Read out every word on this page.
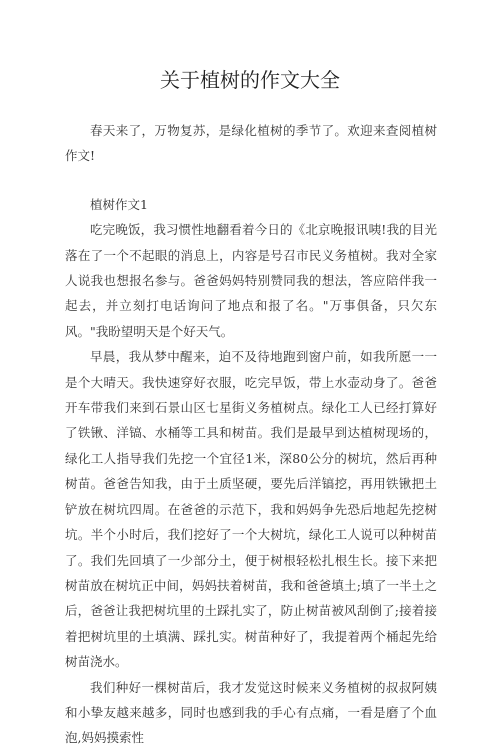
关于植树的作文大全

春天来了，万物复苏，是绿化植树的季节了。欢迎来查阅植树作文!

植树作文1

吃完晚饭，我习惯性地翻看着今日的《北京晚报讯咦!我的目光落在了一个不起眼的消息上，内容是号召市民义务植树。我对全家人说我也想报名参与。爸爸妈妈特别赞同我的想法，答应陪伴我一起去，并立刻打电话询问了地点和报了名。"万事俱备，只欠东风。"我盼望明天是个好天气。

早晨，我从梦中醒来，迫不及待地跑到窗户前，如我所愿一一是个大晴天。我快速穿好衣服，吃完早饭，带上水壶动身了。爸爸开车带我们来到石景山区七星街义务植树点。绿化工人已经打算好了铁锹、洋镐、水桶等工具和树苗。我们是最早到达植树现场的，绿化工人指导我们先挖一个宜径1米，深80公分的树坑，然后再种树苗。爸爸告知我，由于土质坚硬，要先后洋镐挖，再用铁锹把土铲放在树坑四周。在爸爸的示范下，我和妈妈争先恐后地起先挖树坑。半个小时后，我们挖好了一个大树坑，绿化工人说可以种树苗了。我们先回填了一少部分土，便于树根轻松扎根生长。接下来把树苗放在树坑正中间，妈妈扶着树苗，我和爸爸填土;填了一半土之后，爸爸让我把树坑里的土踩扎实了，防止树苗被风刮倒了;接着接着把树坑里的土填满、踩扎实。树苗种好了，我提着两个桶起先给树苗浇水。

我们种好一棵树苗后，我才发觉这时候来义务植树的叔叔阿姨和小挚友越来越多，同时也感到我的手心有点痛，一看是磨了个血泡,妈妈摸索性
